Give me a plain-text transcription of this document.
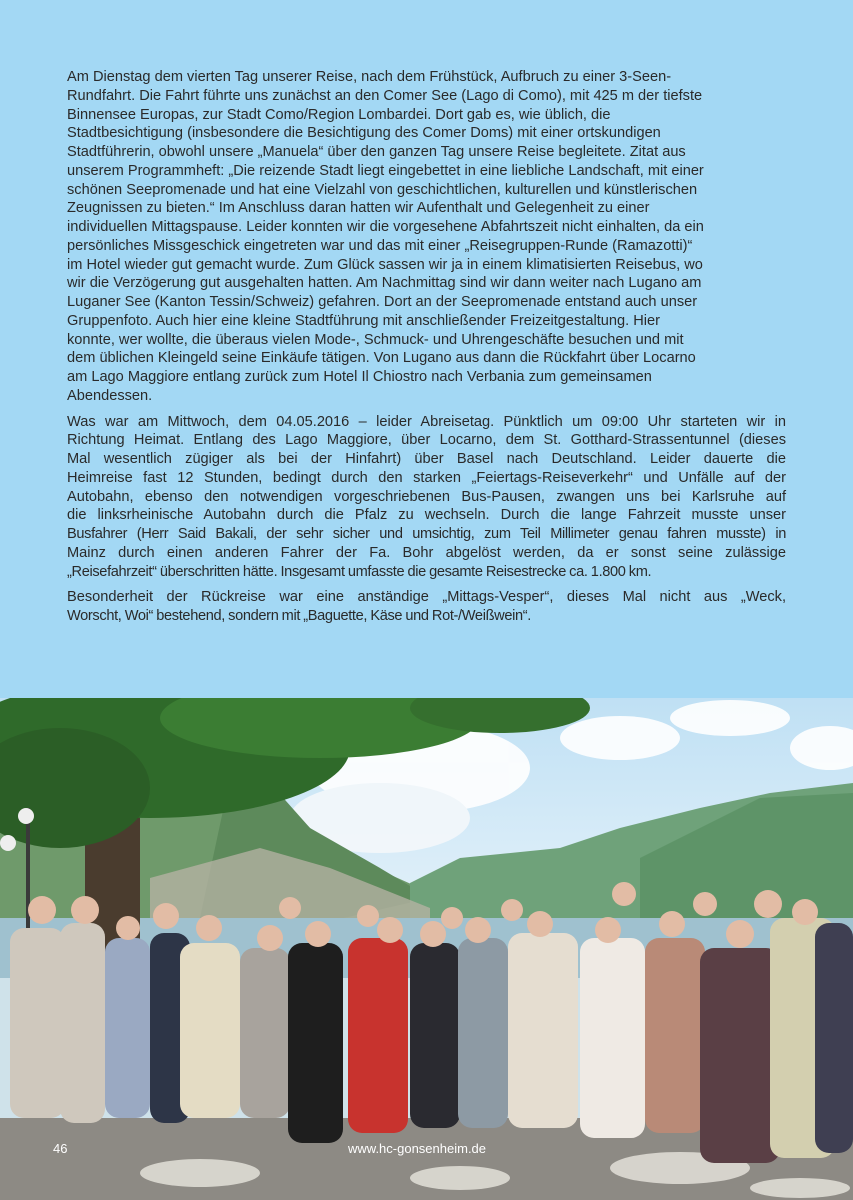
Am Dienstag dem vierten Tag unserer Reise, nach dem Frühstück, Aufbruch zu einer 3-Seen-
Rundfahrt. Die Fahrt führte uns zunächst an den Comer See (Lago di Como), mit 425 m der tiefste
Binnensee Europas, zur Stadt Como/Region Lombardei. Dort gab es, wie üblich, die
Stadtbesichtigung (insbesondere die Besichtigung des Comer Doms) mit einer ortskundigen
Stadtführerin, obwohl unsere „Manuela“ über den ganzen Tag unsere Reise begleitete. Zitat aus
unserem Programmheft: „Die reizende Stadt liegt eingebettet in eine liebliche Landschaft, mit einer
schönen Seepromenade und hat eine Vielzahl von geschichtlichen, kulturellen und künstlerischen
Zeugnissen zu bieten.“ Im Anschluss daran hatten wir Aufenthalt und Gelegenheit zu einer
individuellen Mittagspause. Leider konnten wir die vorgesehene Abfahrtszeit nicht einhalten, da ein
persönliches Missgeschick eingetreten war und das mit einer „Reisegruppen-Runde (Ramazotti)“
im Hotel wieder gut gemacht wurde. Zum Glück sassen wir ja in einem klimatisierten Reisebus, wo
wir die Verzögerung gut ausgehalten hatten. Am Nachmittag sind wir dann weiter nach Lugano am
Luganer See (Kanton Tessin/Schweiz) gefahren. Dort an der Seepromenade entstand auch unser
Gruppenfoto. Auch hier eine kleine Stadtführung mit anschließender Freizeitgestaltung. Hier
konnte, wer wollte, die überaus vielen Mode-, Schmuck- und Uhrengeschäfte besuchen und mit
dem üblichen Kleingeld seine Einkäufe tätigen. Von Lugano aus dann die Rückfahrt über Locarno
am Lago Maggiore entlang zurück zum Hotel Il Chiostro nach Verbania zum gemeinsamen
Abendessen.

Was war am Mittwoch, dem 04.05.2016 – leider Abreisetag. Pünktlich um 09:00 Uhr starteten wir in
Richtung Heimat. Entlang des Lago Maggiore, über Locarno, dem St. Gotthard-Strassentunnel (dieses
Mal wesentlich zügiger als bei der Hinfahrt) über Basel nach Deutschland. Leider dauerte die
Heimreise fast 12 Stunden, bedingt durch den starken „Feiertags-Reiseverkehr“ und Unfälle auf der
Autobahn, ebenso den notwendigen vorgeschriebenen Bus-Pausen, zwangen uns bei Karlsruhe auf
die linksrheinische Autobahn durch die Pfalz zu wechseln. Durch die lange Fahrzeit musste unser
Busfahrer (Herr Said Bakali, der sehr sicher und umsichtig, zum Teil Millimeter genau fahren musste) in
Mainz durch einen anderen Fahrer der Fa. Bohr abgelöst werden, da er sonst seine zulässige
„Reisefahrzeit“ überschritten hätte. Insgesamt umfasste die gesamte Reisestrecke ca. 1.800 km.

Besonderheit der Rückreise war eine anständige „Mittags-Vesper“, dieses Mal nicht aus „Weck,
Worscht, Woi“ bestehend, sondern mit „Baguette, Käse und Rot-/Weißwein“.

46	www.hc-gonsenheim.de
